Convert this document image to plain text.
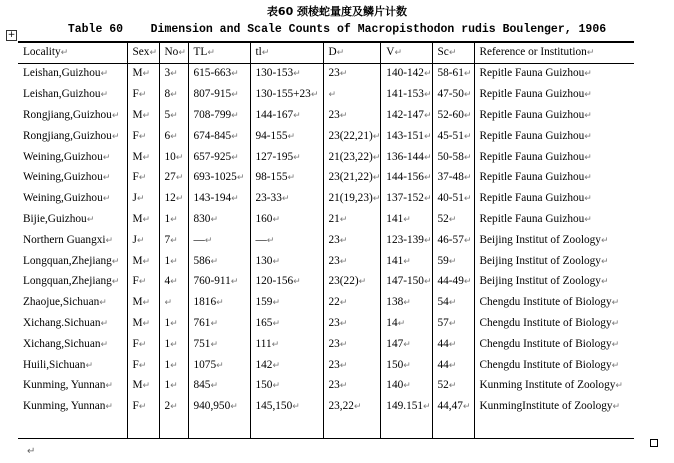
表60 颈棱蛇量度及鳞片计数
Table 60    Dimension and Scale Counts of Macropisthodon rudis Boulenger, 1906
+
Locality↵	Sex↵	No↵	TL↵	tl↵	D↵	V↵	Sc↵	Reference or Institution↵
Leishan,Guizhou↵	M↵	3↵	615-663↵	130-153↵	23↵	140-142↵	58-61↵	Repitle Fauna Guizhou↵
Leishan,Guizhou↵	F↵	8↵	807-915↵	130-155+23↵	↵	141-153↵	47-50↵	Repitle Fauna Guizhou↵
Rongjiang,Guizhou↵	M↵	5↵	708-799↵	144-167↵	23↵	142-147↵	52-60↵	Repitle Fauna Guizhou↵
Rongjiang,Guizhou↵	F↵	6↵	674-845↵	94-155↵	23(22,21)↵	143-151↵	45-51↵	Repitle Fauna Guizhou↵
Weining,Guizhou↵	M↵	10↵	657-925↵	127-195↵	21(23,22)↵	136-144↵	50-58↵	Repitle Fauna Guizhou↵
Weining,Guizhou↵	F↵	27↵	693-1025↵	98-155↵	23(21,22)↵	144-156↵	37-48↵	Repitle Fauna Guizhou↵
Weining,Guizhou↵	J↵	12↵	143-194↵	23-33↵	21(19,23)↵	137-152↵	40-51↵	Repitle Fauna Guizhou↵
Bijie,Guizhou↵	M↵	1↵	830↵	160↵	21↵	141↵	52↵	Repitle Fauna Guizhou↵
Northern Guangxi↵	J↵	7↵	—↵	—↵	23↵	123-139↵	46-57↵	Beijing Institut of Zoology↵
Longquan,Zhejiang↵	M↵	1↵	586↵	130↵	23↵	141↵	59↵	Beijing Institut of Zoology↵
Longquan,Zhejiang↵	F↵	4↵	760-911↵	120-156↵	23(22)↵	147-150↵	44-49↵	Beijing Institut of Zoology↵
Zhaojue,Sichuan↵	M↵	↵	1816↵	159↵	22↵	138↵	54↵	Chengdu Institute of Biology↵
Xichang.Sichuan↵	M↵	1↵	761↵	165↵	23↵	14↵	57↵	Chengdu Institute of Biology↵
Xichang,Sichuan↵	F↵	1↵	751↵	111↵	23↵	147↵	44↵	Chengdu Institute of Biology↵
Huili,Sichuan↵	F↵	1↵	1075↵	142↵	23↵	150↵	44↵	Chengdu Institute of Biology↵
Kunming, Yunnan↵	M↵	1↵	845↵	150↵	23↵	140↵	52↵	Kunming Institute of Zoology↵
Kunming, Yunnan↵	F↵	2↵	940,950↵	145,150↵	23,22↵	149.151↵	44,47↵	KunmingInstitute of Zoology↵

↵
